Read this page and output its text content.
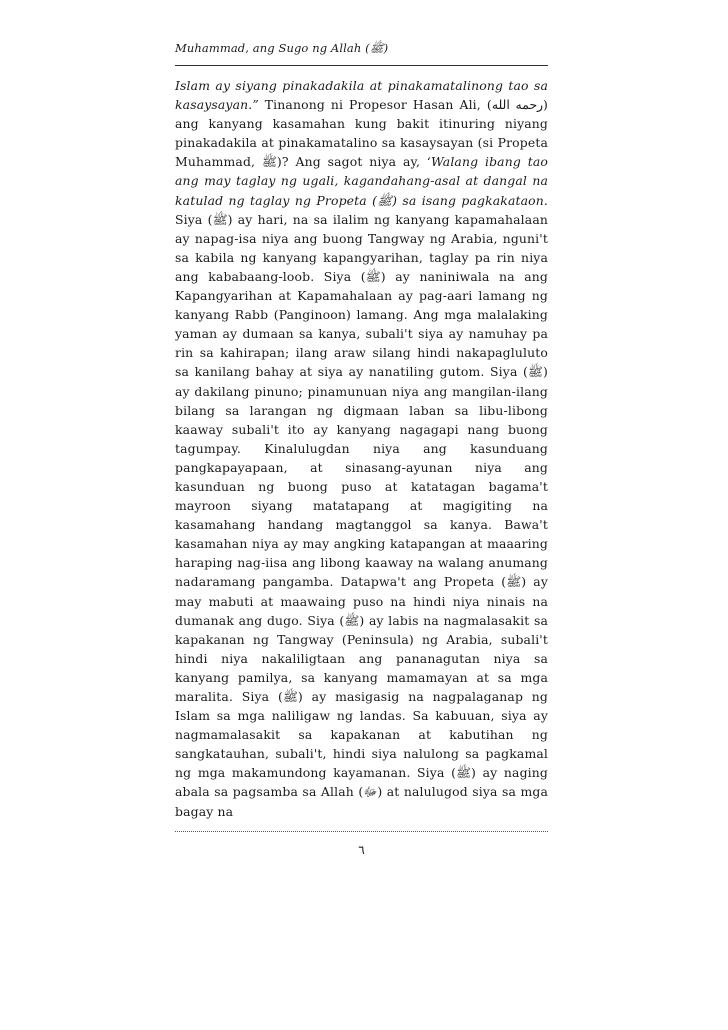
Muhammad, ang Sugo ng Allah (ﷺ)

Islam ay siyang pinakadakila at pinakamatalinong tao sa kasaysayan.” Tinanong ni Propesor Hasan Ali, (رحمه الله) ang kanyang kasamahan kung bakit itinuring niyang pinakadakila at pinakamatalino sa kasaysayan (si Propeta Muhammad, ﷺ)? Ang sagot niya ay, ‘Walang ibang tao ang may taglay ng ugali, kagandahang-asal at dangal na katulad ng taglay ng Propeta (ﷺ) sa isang pagkakataon. Siya (ﷺ) ay hari, na sa ilalim ng kanyang kapamahalaan ay napag-isa niya ang buong Tangway ng Arabia, nguni't sa kabila ng kanyang kapangyarihan, taglay pa rin niya ang kababaang-loob. Siya (ﷺ) ay naniniwala na ang Kapangyarihan at Kapamahalaan ay pag-aari lamang ng kanyang Rabb (Panginoon) lamang. Ang mga malalaking yaman ay dumaan sa kanya, subali't siya ay namuhay pa rin sa kahirapan; ilang araw silang hindi nakapagluluto sa kanilang bahay at siya ay nanatiling gutom. Siya (ﷺ) ay dakilang pinuno; pinamunuan niya ang mangilan-ilang bilang sa larangan ng digmaan laban sa libu-libong kaaway subali't ito ay kanyang nagagapi nang buong tagumpay. Kinalulugdan niya ang kasunduang pangkapayapaan, at sinasang-ayunan niya ang kasunduan ng buong puso at katatagan bagama't mayroon siyang matatapang at magigiting na kasamahang handang magtanggol sa kanya. Bawa't kasamahan niya ay may angking katapangan at maaaring haraping nag-iisa ang libong kaaway na walang anumang nadaramang pangamba. Datapwa't ang Propeta (ﷺ) ay may mabuti at maawaing puso na hindi niya ninais na dumanak ang dugo. Siya (ﷺ) ay labis na nagmalasakit sa kapakanan ng Tangway (Peninsula) ng Arabia, subali't hindi niya nakaliligtaan ang pananagutan niya sa kanyang pamilya, sa kanyang mamamayan at sa mga maralita. Siya (ﷺ) ay masigasig na nagpalaganap ng Islam sa mga naliligaw ng landas. Sa kabuuan, siya ay nagmamalasakit sa kapakanan at kabutihan ng sangkatauhan, subali't, hindi siya nalulong sa pagkamal ng mga makamundong kayamanan. Siya (ﷺ) ay naging abala sa pagsamba sa Allah (ﷻ) at nalulugod siya sa mga bagay na

٦
